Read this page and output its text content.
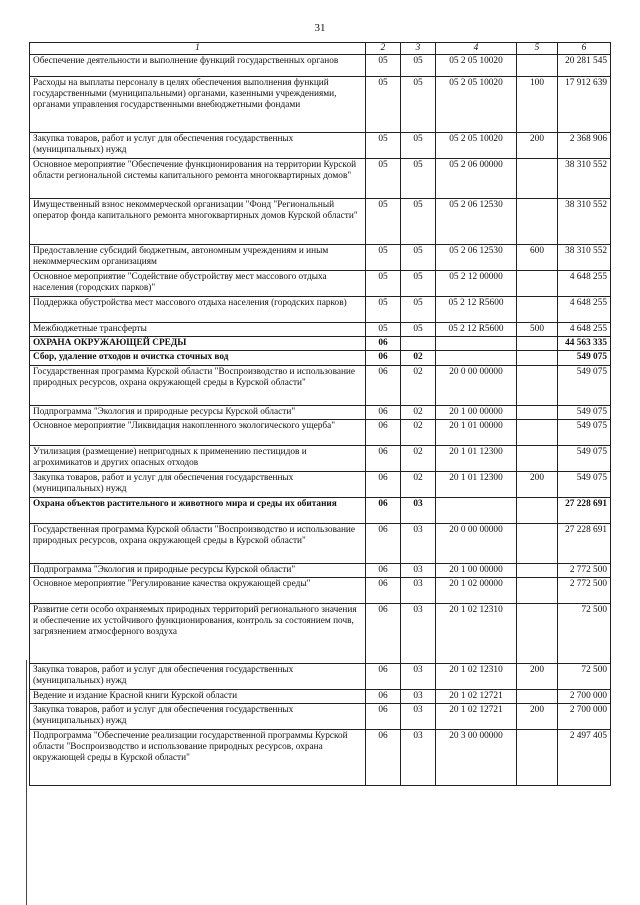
31
1	2	3	4	5	6
Обеспечение деятельности и выполнение функций государственных органов	05	05	05 2 05 10020		20 281 545
Расходы на выплаты персоналу в целях обеспечения выполнения функций государственными (муниципальными) органами, казенными учреждениями, органами управления государственными внебюджетными фондами	05	05	05 2 05 10020	100	17 912 639
Закупка товаров, работ и услуг для обеспечения государственных (муниципальных) нужд	05	05	05 2 05 10020	200	2 368 906
Основное мероприятие "Обеспечение функционирования на территории Курской области региональной системы капитального ремонта многоквартирных домов"	05	05	05 2 06 00000		38 310 552
Имущественный взнос некоммерческой организации "Фонд "Региональный оператор фонда капитального ремонта многоквартирных домов Курской области"	05	05	05 2 06 12530		38 310 552
Предоставление субсидий бюджетным, автономным учреждениям и иным некоммерческим организациям	05	05	05 2 06 12530	600	38 310 552
Основное мероприятие "Содействие обустройству мест массового отдыха населения (городских парков)"	05	05	05 2 12 00000		4 648 255
Поддержка обустройства мест массового отдыха населения (городских парков)	05	05	05 2 12 R5600		4 648 255
Межбюджетные трансферты	05	05	05 2 12 R5600	500	4 648 255
ОХРАНА ОКРУЖАЮЩЕЙ СРЕДЫ	06				44 563 335
Сбор, удаление отходов и очистка сточных вод	06	02			549 075
Государственная программа Курской области "Воспроизводство и использование природных ресурсов, охрана окружающей среды в Курской области"	06	02	20 0 00 00000		549 075
Подпрограмма "Экология и природные ресурсы Курской области"	06	02	20 1 00 00000		549 075
Основное мероприятие "Ликвидация накопленного экологического ущерба"	06	02	20 1 01 00000		549 075
Утилизация (размещение) непригодных к применению пестицидов и агрохимикатов и других опасных отходов	06	02	20 1 01 12300		549 075
Закупка товаров, работ и услуг для обеспечения государственных (муниципальных) нужд	06	02	20 1 01 12300	200	549 075
Охрана объектов растительного и животного мира и среды их обитания	06	03			27 228 691
Государственная программа Курской области "Воспроизводство и использование природных ресурсов, охрана окружающей среды в Курской области"	06	03	20 0 00 00000		27 228 691
Подпрограмма "Экология и природные ресурсы Курской области"	06	03	20 1 00 00000		2 772 500
Основное мероприятие "Регулирование качества окружающей среды"	06	03	20 1 02 00000		2 772 500
Развитие сети особо охраняемых природных территорий регионального значения и обеспечение их устойчивого функционирования, контроль за состоянием почв, загрязнением атмосферного воздуха	06	03	20 1 02 12310		72 500
Закупка товаров, работ и услуг для обеспечения государственных (муниципальных) нужд	06	03	20 1 02 12310	200	72 500
Ведение и издание Красной книги Курской области	06	03	20 1 02 12721		2 700 000
Закупка товаров, работ и услуг для обеспечения государственных (муниципальных) нужд	06	03	20 1 02 12721	200	2 700 000
Подпрограмма "Обеспечение реализации государственной программы Курской области "Воспроизводство и использование природных ресурсов, охрана окружающей среды в Курской области"	06	03	20 3 00 00000		2 497 405
